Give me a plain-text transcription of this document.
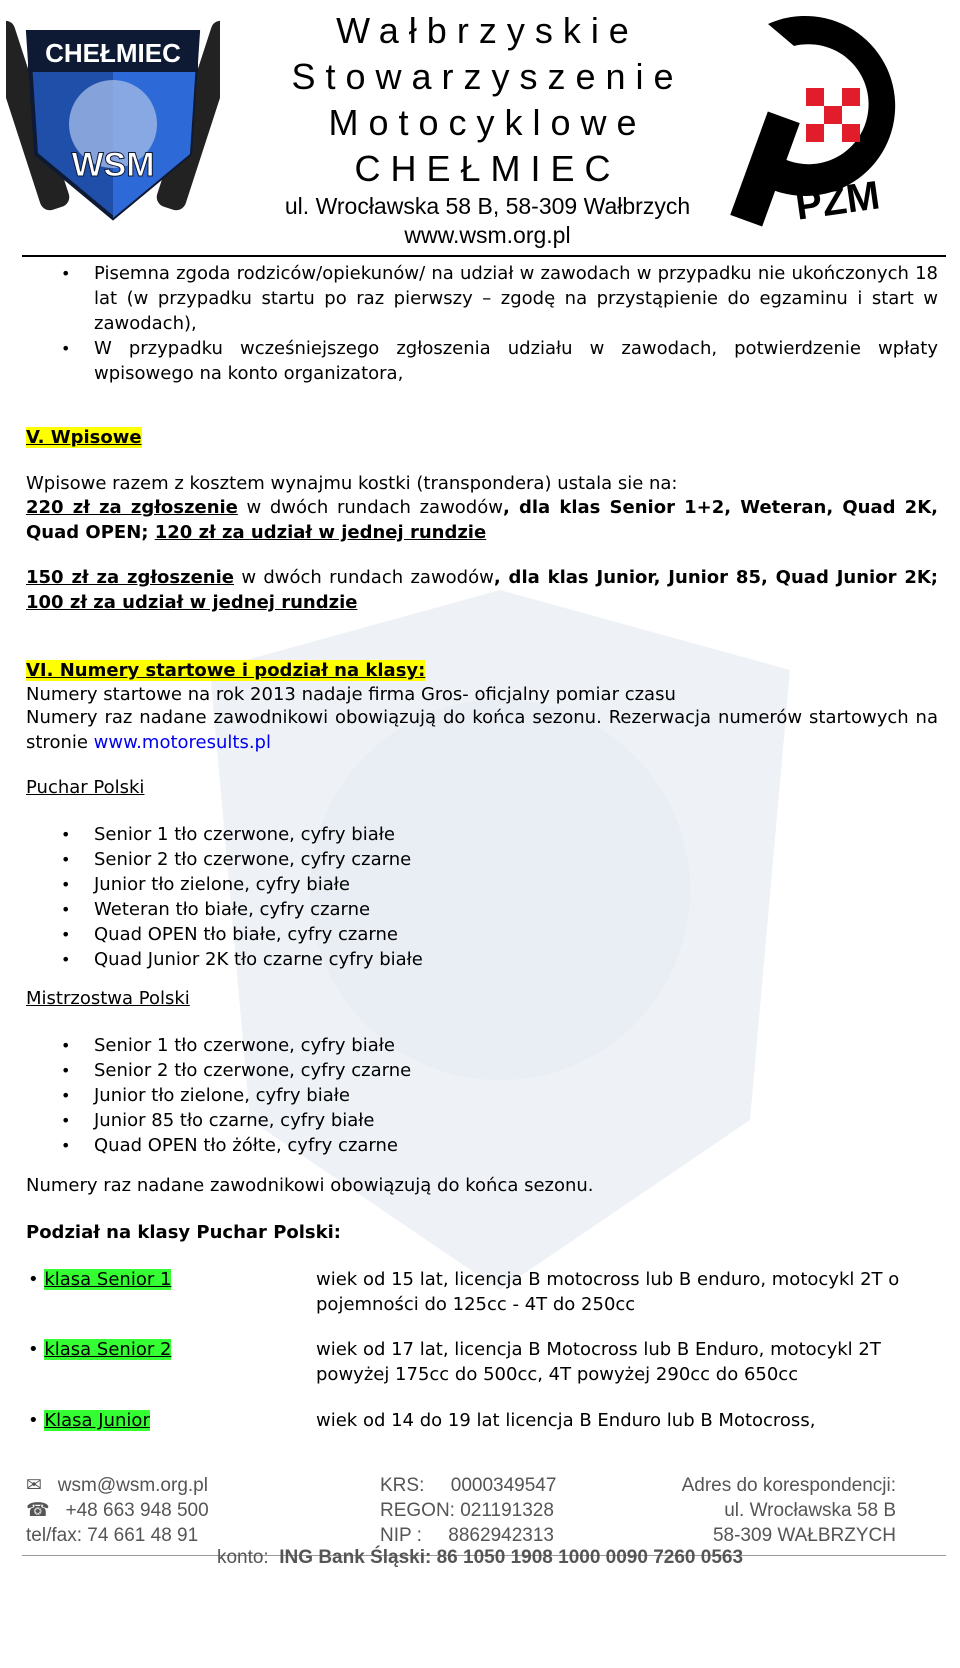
CHEŁMIEC
WSM
Wałbrzyskie
Stowarzyszenie
Motocyklowe
CHEŁMIEC
ul. Wrocławska 58 B, 58-309 Wałbrzych
www.wsm.org.pl
PZM
• Pisemna zgoda rodziców/opiekunów/ na udział w zawodach w przypadku nie ukończonych 18 lat (w przypadku startu po raz pierwszy – zgodę na przystąpienie do egzaminu i start w zawodach),
• W przypadku wcześniejszego zgłoszenia udziału w zawodach, potwierdzenie wpłaty wpisowego na konto organizatora,
V. Wpisowe
Wpisowe razem z kosztem wynajmu kostki (transpondera) ustala sie na:
220 zł za zgłoszenie w dwóch rundach zawodów, dla klas Senior 1+2, Weteran, Quad 2K, Quad OPEN; 120 zł za udział w jednej rundzie
150 zł za zgłoszenie w dwóch rundach zawodów, dla klas Junior, Junior 85, Quad Junior 2K; 100 zł za udział w jednej rundzie
VI. Numery startowe i podział na klasy:
Numery startowe na rok 2013 nadaje firma Gros- oficjalny pomiar czasu
Numery raz nadane zawodnikowi obowiązują do końca sezonu. Rezerwacja numerów startowych na stronie www.motoresults.pl
Puchar Polski
• Senior 1 tło czerwone, cyfry białe
• Senior 2 tło czerwone, cyfry czarne
• Junior tło zielone, cyfry białe
• Weteran tło białe, cyfry czarne
• Quad OPEN tło białe, cyfry czarne
• Quad Junior 2K tło czarne cyfry białe
Mistrzostwa Polski
• Senior 1 tło czerwone, cyfry białe
• Senior 2 tło czerwone, cyfry czarne
• Junior tło zielone, cyfry białe
• Junior 85 tło czarne, cyfry białe
• Quad OPEN tło żółte, cyfry czarne
Numery raz nadane zawodnikowi obowiązują do końca sezonu.
Podział na klasy Puchar Polski:
• klasa Senior 1	wiek od 15 lat, licencja B motocross lub B enduro, motocykl 2T o pojemności do 125cc - 4T do 250cc
• klasa Senior 2	wiek od 17 lat, licencja B Motocross lub B Enduro, motocykl 2T powyżej 175cc do 500cc, 4T powyżej 290cc do 650cc
• Klasa Junior	wiek od 14 do 19 lat licencja B Enduro lub B Motocross,
✉ wsm@wsm.org.pl
☎ +48 663 948 500
tel/fax: 74 661 48 91
KRS: 0000349547
REGON: 021191328
NIP : 8862942313
Adres do korespondencji:
ul. Wrocławska 58 B
58-309 WAŁBRZYCH
konto: ING Bank Śląski: 86 1050 1908 1000 0090 7260 0563
